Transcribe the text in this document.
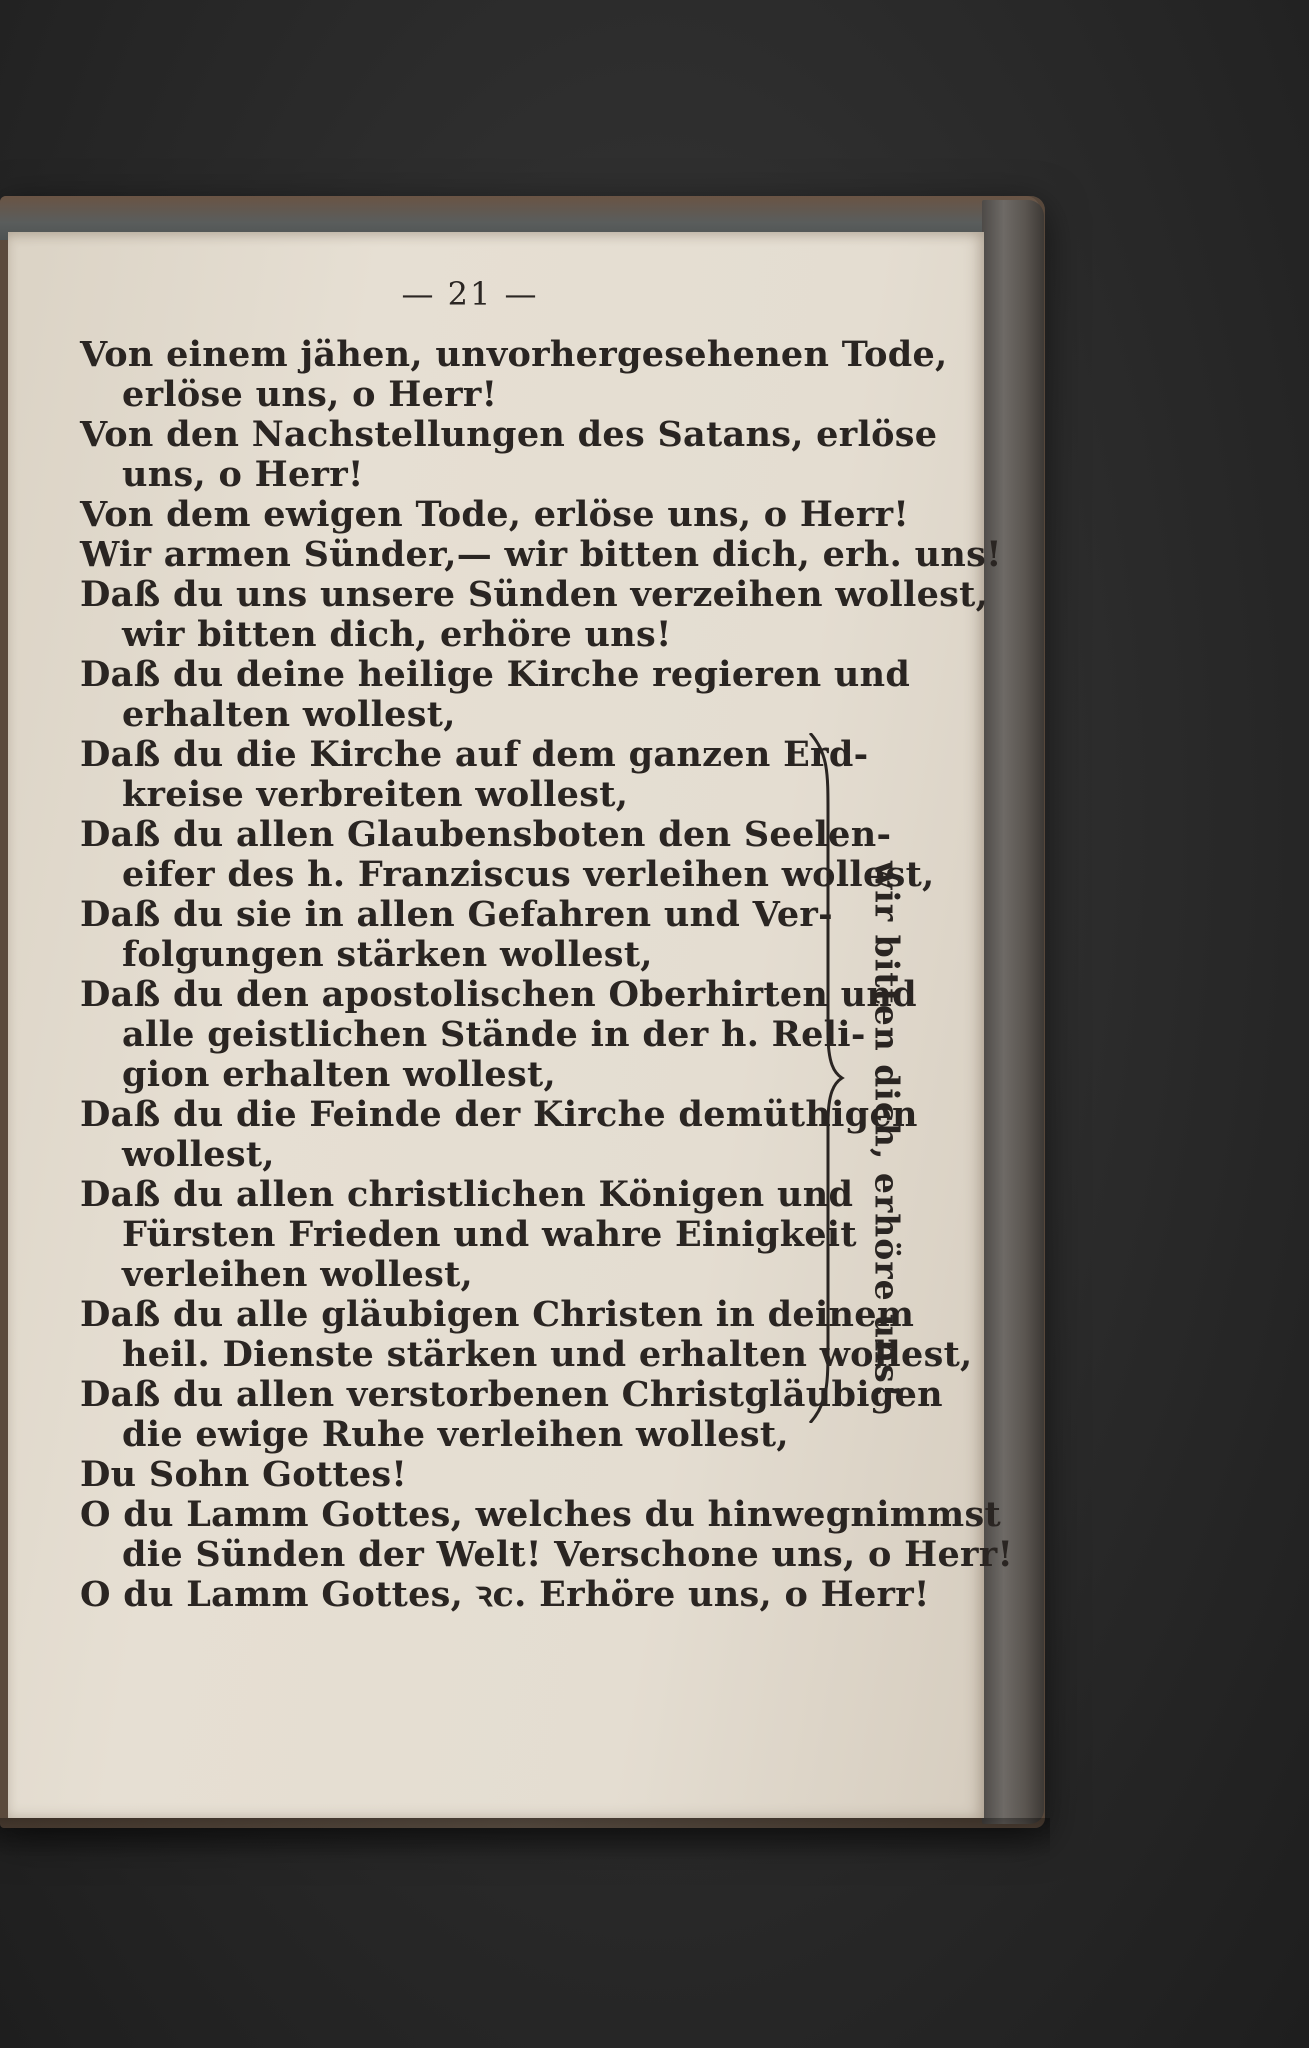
— 21 —
Von einem jähen, unvorhergesehenen Tode,
erlöse uns, o Herr!
Von den Nachstellungen des Satans, erlöse
uns, o Herr!
Von dem ewigen Tode, erlöse uns, o Herr!
Wir armen Sünder,— wir bitten dich, erh. uns!
Daß du uns unsere Sünden verzeihen wollest,
wir bitten dich, erhöre uns!
Daß du deine heilige Kirche regieren und
erhalten wollest,
Daß du die Kirche auf dem ganzen Erd-
kreise verbreiten wollest,
Daß du allen Glaubensboten den Seelen-
eifer des h. Franziscus verleihen wollest,
Daß du sie in allen Gefahren und Ver-
folgungen stärken wollest,
Daß du den apostolischen Oberhirten und
alle geistlichen Stände in der h. Reli-
gion erhalten wollest,
Daß du die Feinde der Kirche demüthigen
wollest,
Daß du allen christlichen Königen und
Fürsten Frieden und wahre Einigkeit
verleihen wollest,
Daß du alle gläubigen Christen in deinem
heil. Dienste stärken und erhalten wollest,
Daß du allen verstorbenen Christgläubigen
die ewige Ruhe verleihen wollest,
Du Sohn Gottes!
O du Lamm Gottes, welches du hinwegnimmst
die Sünden der Welt! Verschone uns, o Herr!
O du Lamm Gottes, ꝛc. Erhöre uns, o Herr!
wir bitten dich, erhöre uns!
